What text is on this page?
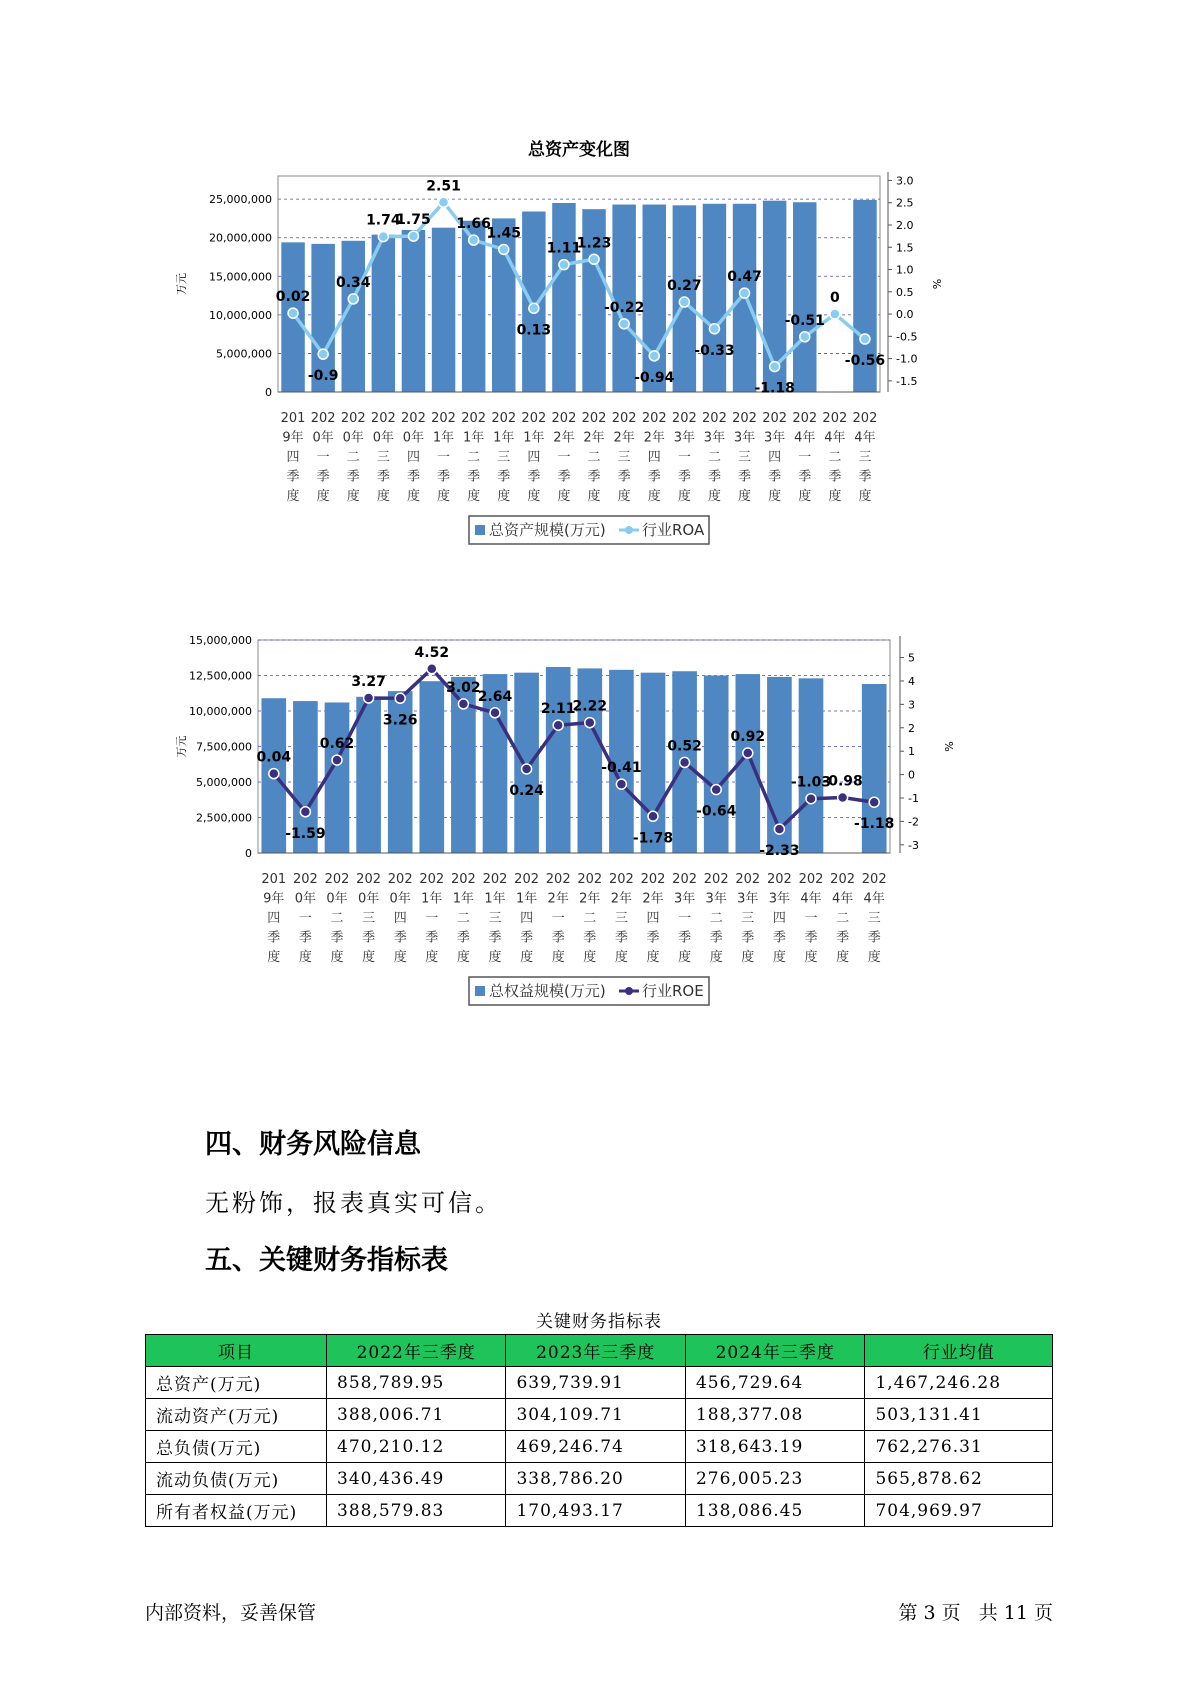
总资产变化图
0
5,000,000
10,000,000
15,000,000
20,000,000
25,000,000
-1.5
-1.0
-0.5
0.0
0.5
1.0
1.5
2.0
2.5
3.0
万元	%
0.02
-0.9
0.34
1.74
1.75
2.51
1.66
1.45
0.13
1.11
1.23
-0.22
-0.94
0.27
-0.33
0.47
-1.18
-0.51
0
-0.56
201 9年四季度
202 0年一季度
202 0年二季度
202 0年三季度
202 0年四季度
202 1年一季度
202 1年二季度
202 1年三季度
202 1年四季度
202 2年一季度
202 2年二季度
202 2年三季度
202 2年四季度
202 3年一季度
202 3年二季度
202 3年三季度
202 3年四季度
202 4年一季度
202 4年二季度
202 4年三季度
总资产规模(万元) 行业ROA
0
2,500,000
5,000,000
7,500,000
10,000,000
12,500,000
15,000,000
-3
-2
-1
0
1
2
3
4
5
万元	%
0.04
-1.59
0.62
3.27
3.26
4.52
3.02
2.64
0.24
2.11
2.22
-0.41
-1.78
0.52
-0.64
0.92
-2.33
-1.03
-0.98
-1.18
201 9年四季度
202 0年一季度
202 0年二季度
202 0年三季度
202 0年四季度
202 1年一季度
202 1年二季度
202 1年三季度
202 1年四季度
202 2年一季度
202 2年二季度
202 2年三季度
202 2年四季度
202 3年一季度
202 3年二季度
202 3年三季度
202 3年四季度
202 4年一季度
202 4年二季度
202 4年三季度
总权益规模(万元) 行业ROE
四、财务风险信息

无粉饰，报表真实可信。

五、关键财务指标表
关键财务指标表
项目	2022年三季度	2023年三季度	2024年三季度	行业均值
总资产(万元)	858,789.95	639,739.91	456,729.64	1,467,246.28
流动资产(万元)	388,006.71	304,109.71	188,377.08	503,131.41
总负债(万元)	470,210.12	469,246.74	318,643.19	762,276.31
流动负债(万元)	340,436.49	338,786.20	276,005.23	565,878.62
所有者权益(万元)	388,579.83	170,493.17	138,086.45	704,969.97
内部资料，妥善保管	第 3 页   共 11 页
